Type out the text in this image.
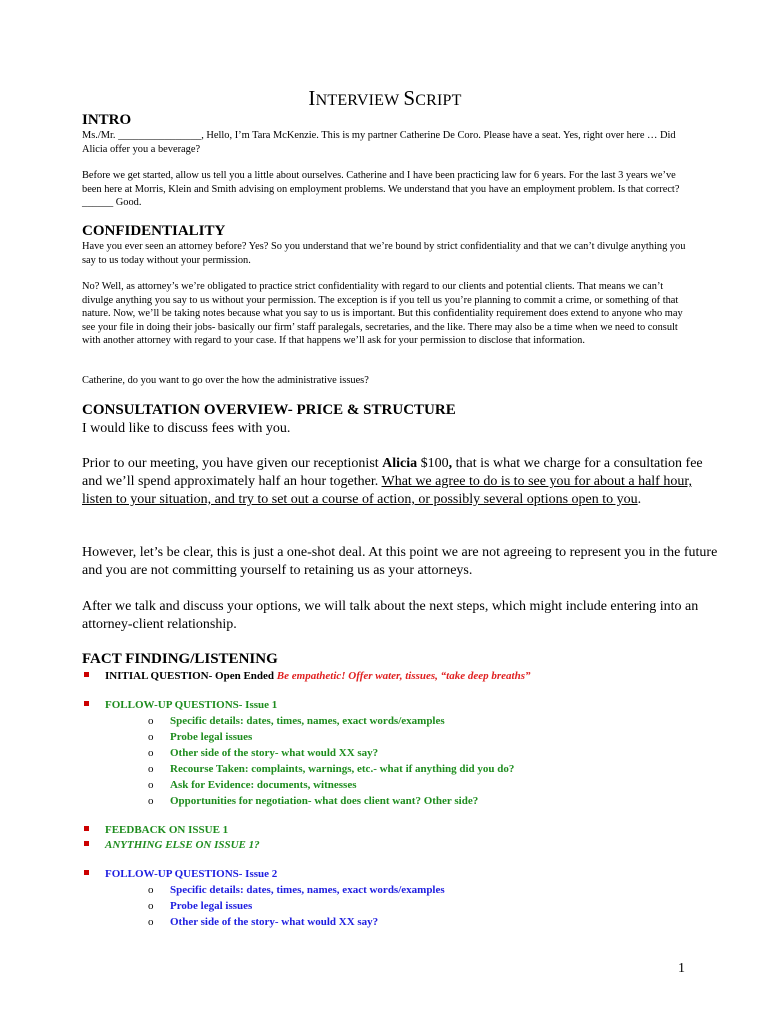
INTERVIEW SCRIPT
INTRO
Ms./Mr. ________________, Hello, I’m Tara McKenzie. This is my partner Catherine De Coro. Please have a seat. Yes, right over here … Did Alicia offer you a beverage?
Before we get started, allow us tell you a little about ourselves. Catherine and I have been practicing law for 6 years. For the last 3 years we’ve been here at Morris, Klein and Smith advising on employment problems. We understand that you have an employment problem. Is that correct? ______ Good.
CONFIDENTIALITY
Have you ever seen an attorney before? Yes? So you understand that we’re bound by strict confidentiality and that we can’t divulge anything you say to us today without your permission.
No? Well, as attorney’s we’re obligated to practice strict confidentiality with regard to our clients and potential clients. That means we can’t divulge anything you say to us without your permission. The exception is if you tell us you’re planning to commit a crime, or something of that nature. Now, we’ll be taking notes because what you say to us is important. But this confidentiality requirement does extend to anyone who may see your file in doing their jobs- basically our firm’ staff paralegals, secretaries, and the like. There may also be a time when we need to consult with another attorney with regard to your case. If that happens we’ll ask for your permission to disclose that information.
Catherine, do you want to go over the how the administrative issues?
CONSULTATION OVERVIEW- PRICE & STRUCTURE
I would like to discuss fees with you.
Prior to our meeting, you have given our receptionist Alicia $100, that is what we charge for a consultation fee and we’ll spend approximately half an hour together. What we agree to do is to see you for about a half hour, listen to your situation, and try to set out a course of action, or possibly several options open to you.
However, let’s be clear, this is just a one-shot deal. At this point we are not agreeing to represent you in the future and you are not committing yourself to retaining us as your attorneys.
After we talk and discuss your options, we will talk about the next steps, which might include entering into an attorney-client relationship.
FACT FINDING/LISTENING
INITIAL QUESTION- Open Ended Be empathetic! Offer water, tissues, “take deep breaths”
FOLLOW-UP QUESTIONS- Issue 1
o Specific details: dates, times, names, exact words/examples
o Probe legal issues
o Other side of the story- what would XX say?
o Recourse Taken: complaints, warnings, etc.- what if anything did you do?
o Ask for Evidence: documents, witnesses
o Opportunities for negotiation- what does client want? Other side?
FEEDBACK ON ISSUE 1
ANYTHING ELSE ON ISSUE 1?
FOLLOW-UP QUESTIONS- Issue 2
o Specific details: dates, times, names, exact words/examples
o Probe legal issues
o Other side of the story- what would XX say?
1
